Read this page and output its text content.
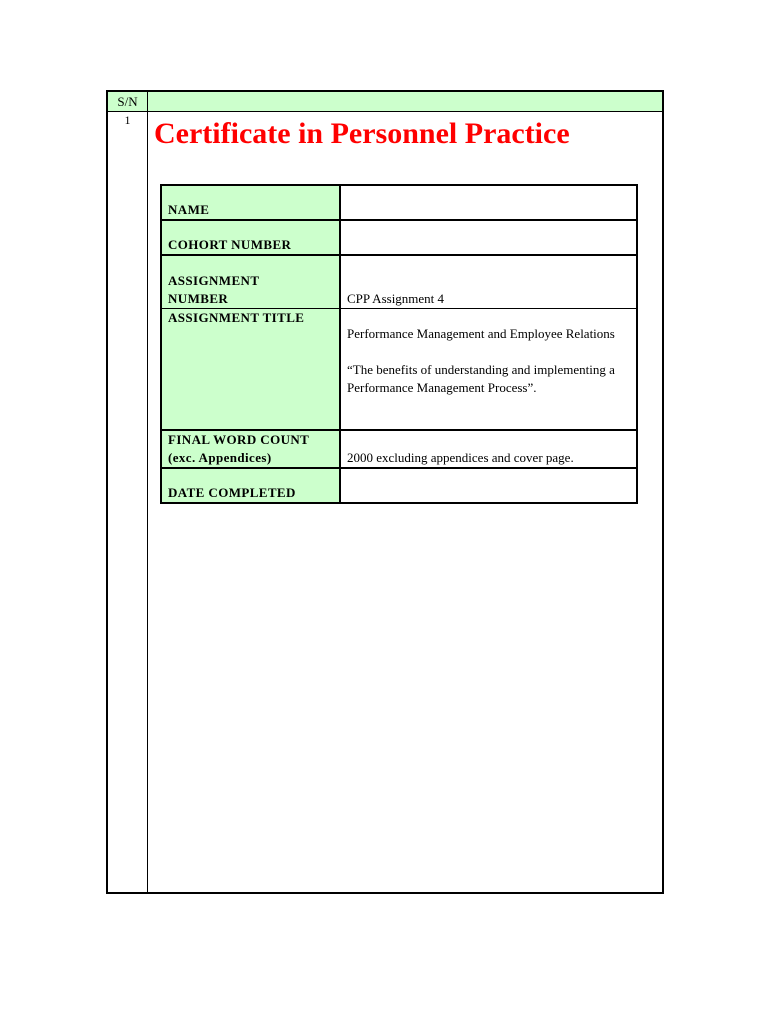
S/N
1 Certificate in Personnel Practice
NAME	
COHORT NUMBER	

ASSIGNMENT
NUMBER	CPP Assignment 4
ASSIGNMENT TITLE	Performance Management and Employee Relations
“The benefits of understanding and implementing a Performance Management Process”.

FINAL WORD COUNT
(exc. Appendices)	2000 excluding appendices and cover page.
DATE COMPLETED	
